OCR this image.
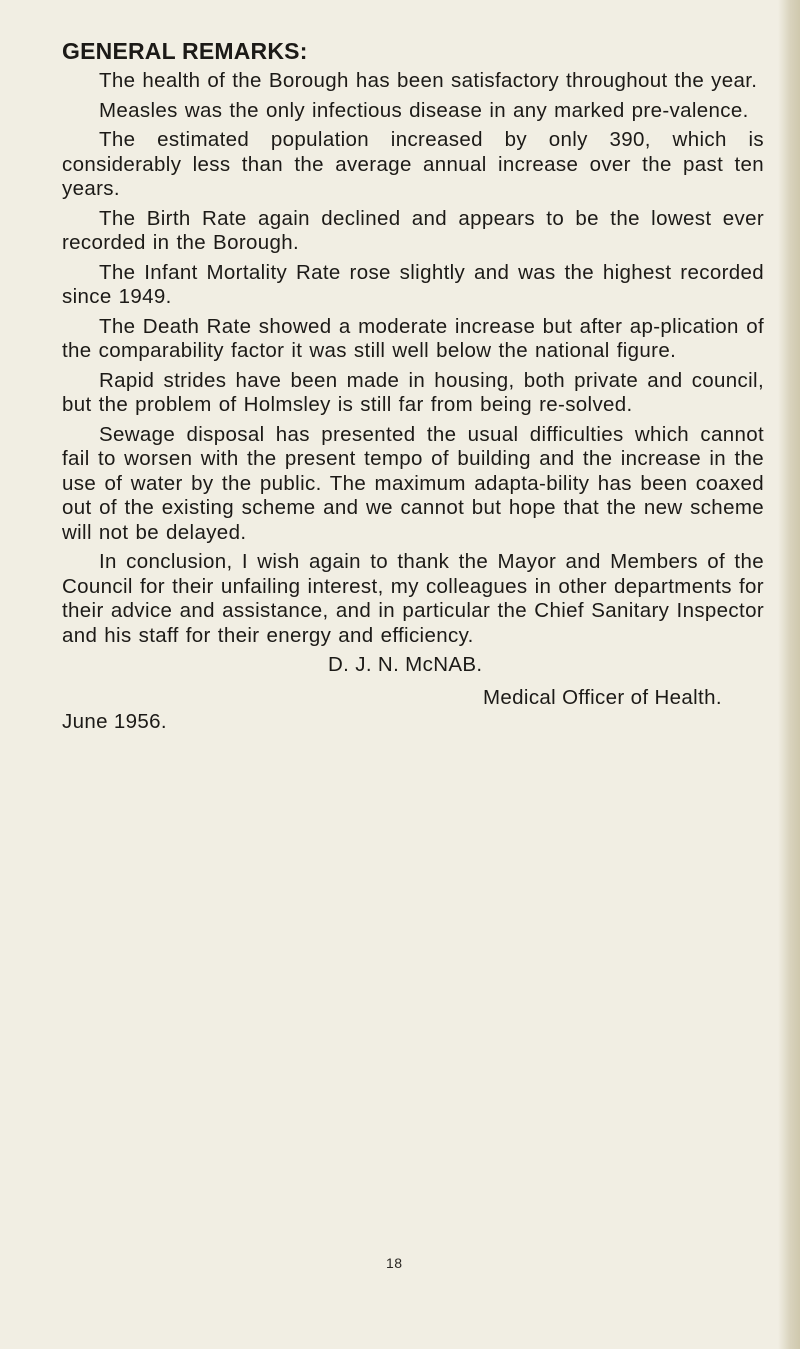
GENERAL REMARKS:

The health of the Borough has been satisfactory throughout the year.

Measles was the only infectious disease in any marked pre-valence.

The estimated population increased by only 390, which is considerably less than the average annual increase over the past ten years.

The Birth Rate again declined and appears to be the lowest ever recorded in the Borough.

The Infant Mortality Rate rose slightly and was the highest recorded since 1949.

The Death Rate showed a moderate increase but after ap-plication of the comparability factor it was still well below the national figure.

Rapid strides have been made in housing, both private and council, but the problem of Holmsley is still far from being re-solved.

Sewage disposal has presented the usual difficulties which cannot fail to worsen with the present tempo of building and the increase in the use of water by the public. The maximum adapta-bility has been coaxed out of the existing scheme and we cannot but hope that the new scheme will not be delayed.

In conclusion, I wish again to thank the Mayor and Members of the Council for their unfailing interest, my colleagues in other departments for their advice and assistance, and in particular the Chief Sanitary Inspector and his staff for their energy and efficiency.

D. J. N. McNAB.
Medical Officer of Health.
June 1956.
18
